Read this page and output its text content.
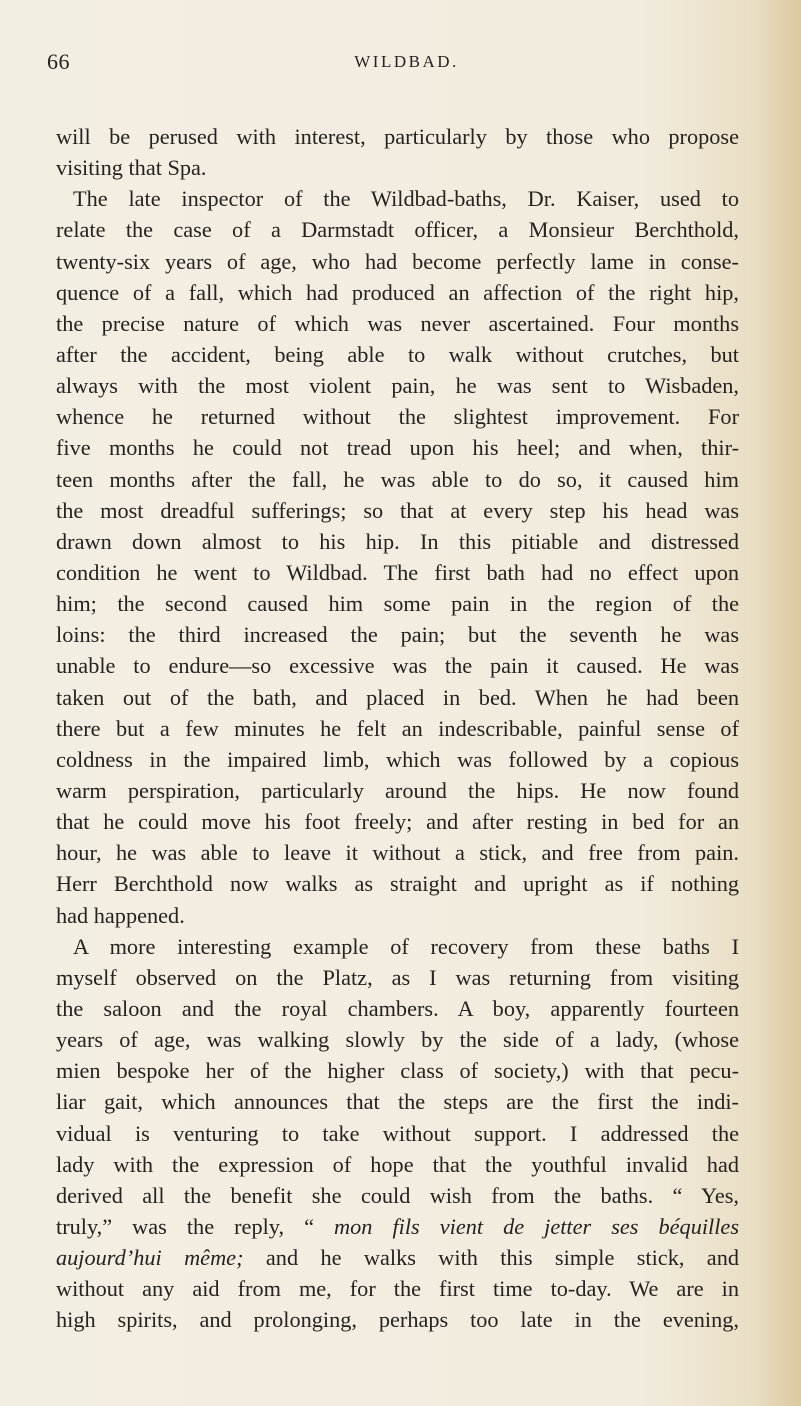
66	WILDBAD.
will be perused with interest, particularly by those who propose
visiting that Spa.
The late inspector of the Wildbad-baths, Dr. Kaiser, used to
relate the case of a Darmstadt officer, a Monsieur Berchthold,
twenty-six years of age, who had become perfectly lame in conse-
quence of a fall, which had produced an affection of the right hip,
the precise nature of which was never ascertained. Four months
after the accident, being able to walk without crutches, but
always with the most violent pain, he was sent to Wisbaden,
whence he returned without the slightest improvement. For
five months he could not tread upon his heel; and when, thir-
teen months after the fall, he was able to do so, it caused him
the most dreadful sufferings; so that at every step his head was
drawn down almost to his hip. In this pitiable and distressed
condition he went to Wildbad. The first bath had no effect upon
him; the second caused him some pain in the region of the
loins: the third increased the pain; but the seventh he was
unable to endure—so excessive was the pain it caused. He was
taken out of the bath, and placed in bed. When he had been
there but a few minutes he felt an indescribable, painful sense of
coldness in the impaired limb, which was followed by a copious
warm perspiration, particularly around the hips. He now found
that he could move his foot freely; and after resting in bed for an
hour, he was able to leave it without a stick, and free from pain.
Herr Berchthold now walks as straight and upright as if nothing
had happened.
A more interesting example of recovery from these baths I
myself observed on the Platz, as I was returning from visiting
the saloon and the royal chambers. A boy, apparently fourteen
years of age, was walking slowly by the side of a lady, (whose
mien bespoke her of the higher class of society,) with that pecu-
liar gait, which announces that the steps are the first the indi-
vidual is venturing to take without support. I addressed the
lady with the expression of hope that the youthful invalid had
derived all the benefit she could wish from the baths. “ Yes,
truly,” was the reply, “ mon fils vient de jetter ses béquilles
aujourd’hui même; and he walks with this simple stick, and
without any aid from me, for the first time to-day. We are in
high spirits, and prolonging, perhaps too late in the evening,
